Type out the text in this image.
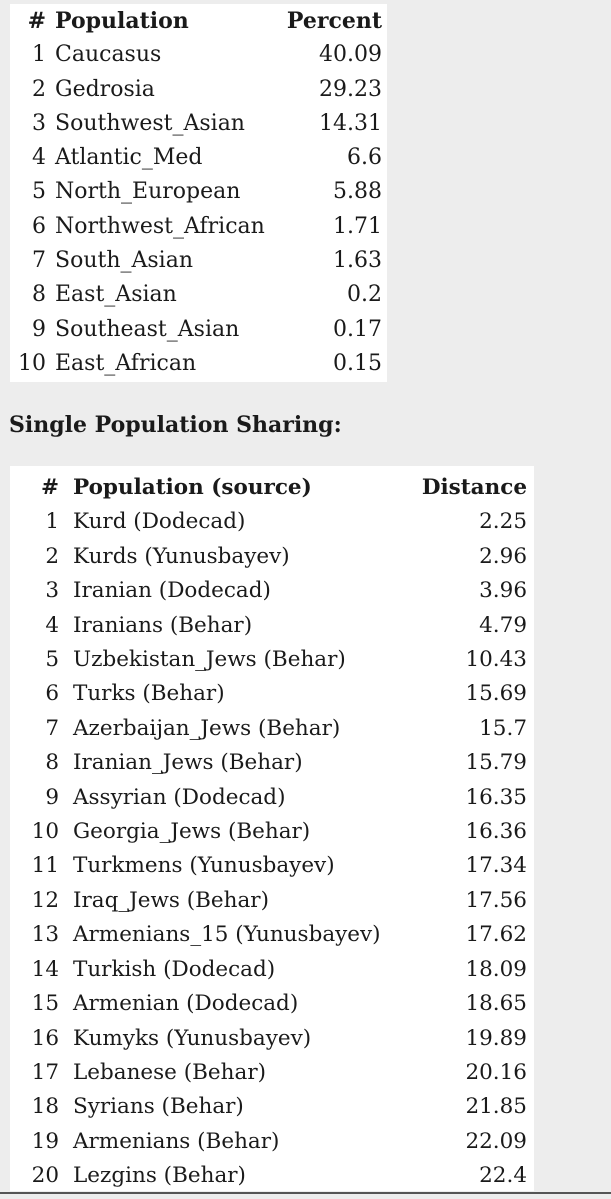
#	Population	Percent
1	Caucasus	40.09
2	Gedrosia	29.23
3	Southwest_Asian	14.31
4	Atlantic_Med	6.6
5	North_European	5.88
6	Northwest_African	1.71
7	South_Asian	1.63
8	East_Asian	0.2
9	Southeast_Asian	0.17
10	East_African	0.15
Single Population Sharing:
#	Population (source)	Distance
1	Kurd (Dodecad)	2.25
2	Kurds (Yunusbayev)	2.96
3	Iranian (Dodecad)	3.96
4	Iranians (Behar)	4.79
5	Uzbekistan_Jews (Behar)	10.43
6	Turks (Behar)	15.69
7	Azerbaijan_Jews (Behar)	15.7
8	Iranian_Jews (Behar)	15.79
9	Assyrian (Dodecad)	16.35
10	Georgia_Jews (Behar)	16.36
11	Turkmens (Yunusbayev)	17.34
12	Iraq_Jews (Behar)	17.56
13	Armenians_15 (Yunusbayev)	17.62
14	Turkish (Dodecad)	18.09
15	Armenian (Dodecad)	18.65
16	Kumyks (Yunusbayev)	19.89
17	Lebanese (Behar)	20.16
18	Syrians (Behar)	21.85
19	Armenians (Behar)	22.09
20	Lezgins (Behar)	22.4
